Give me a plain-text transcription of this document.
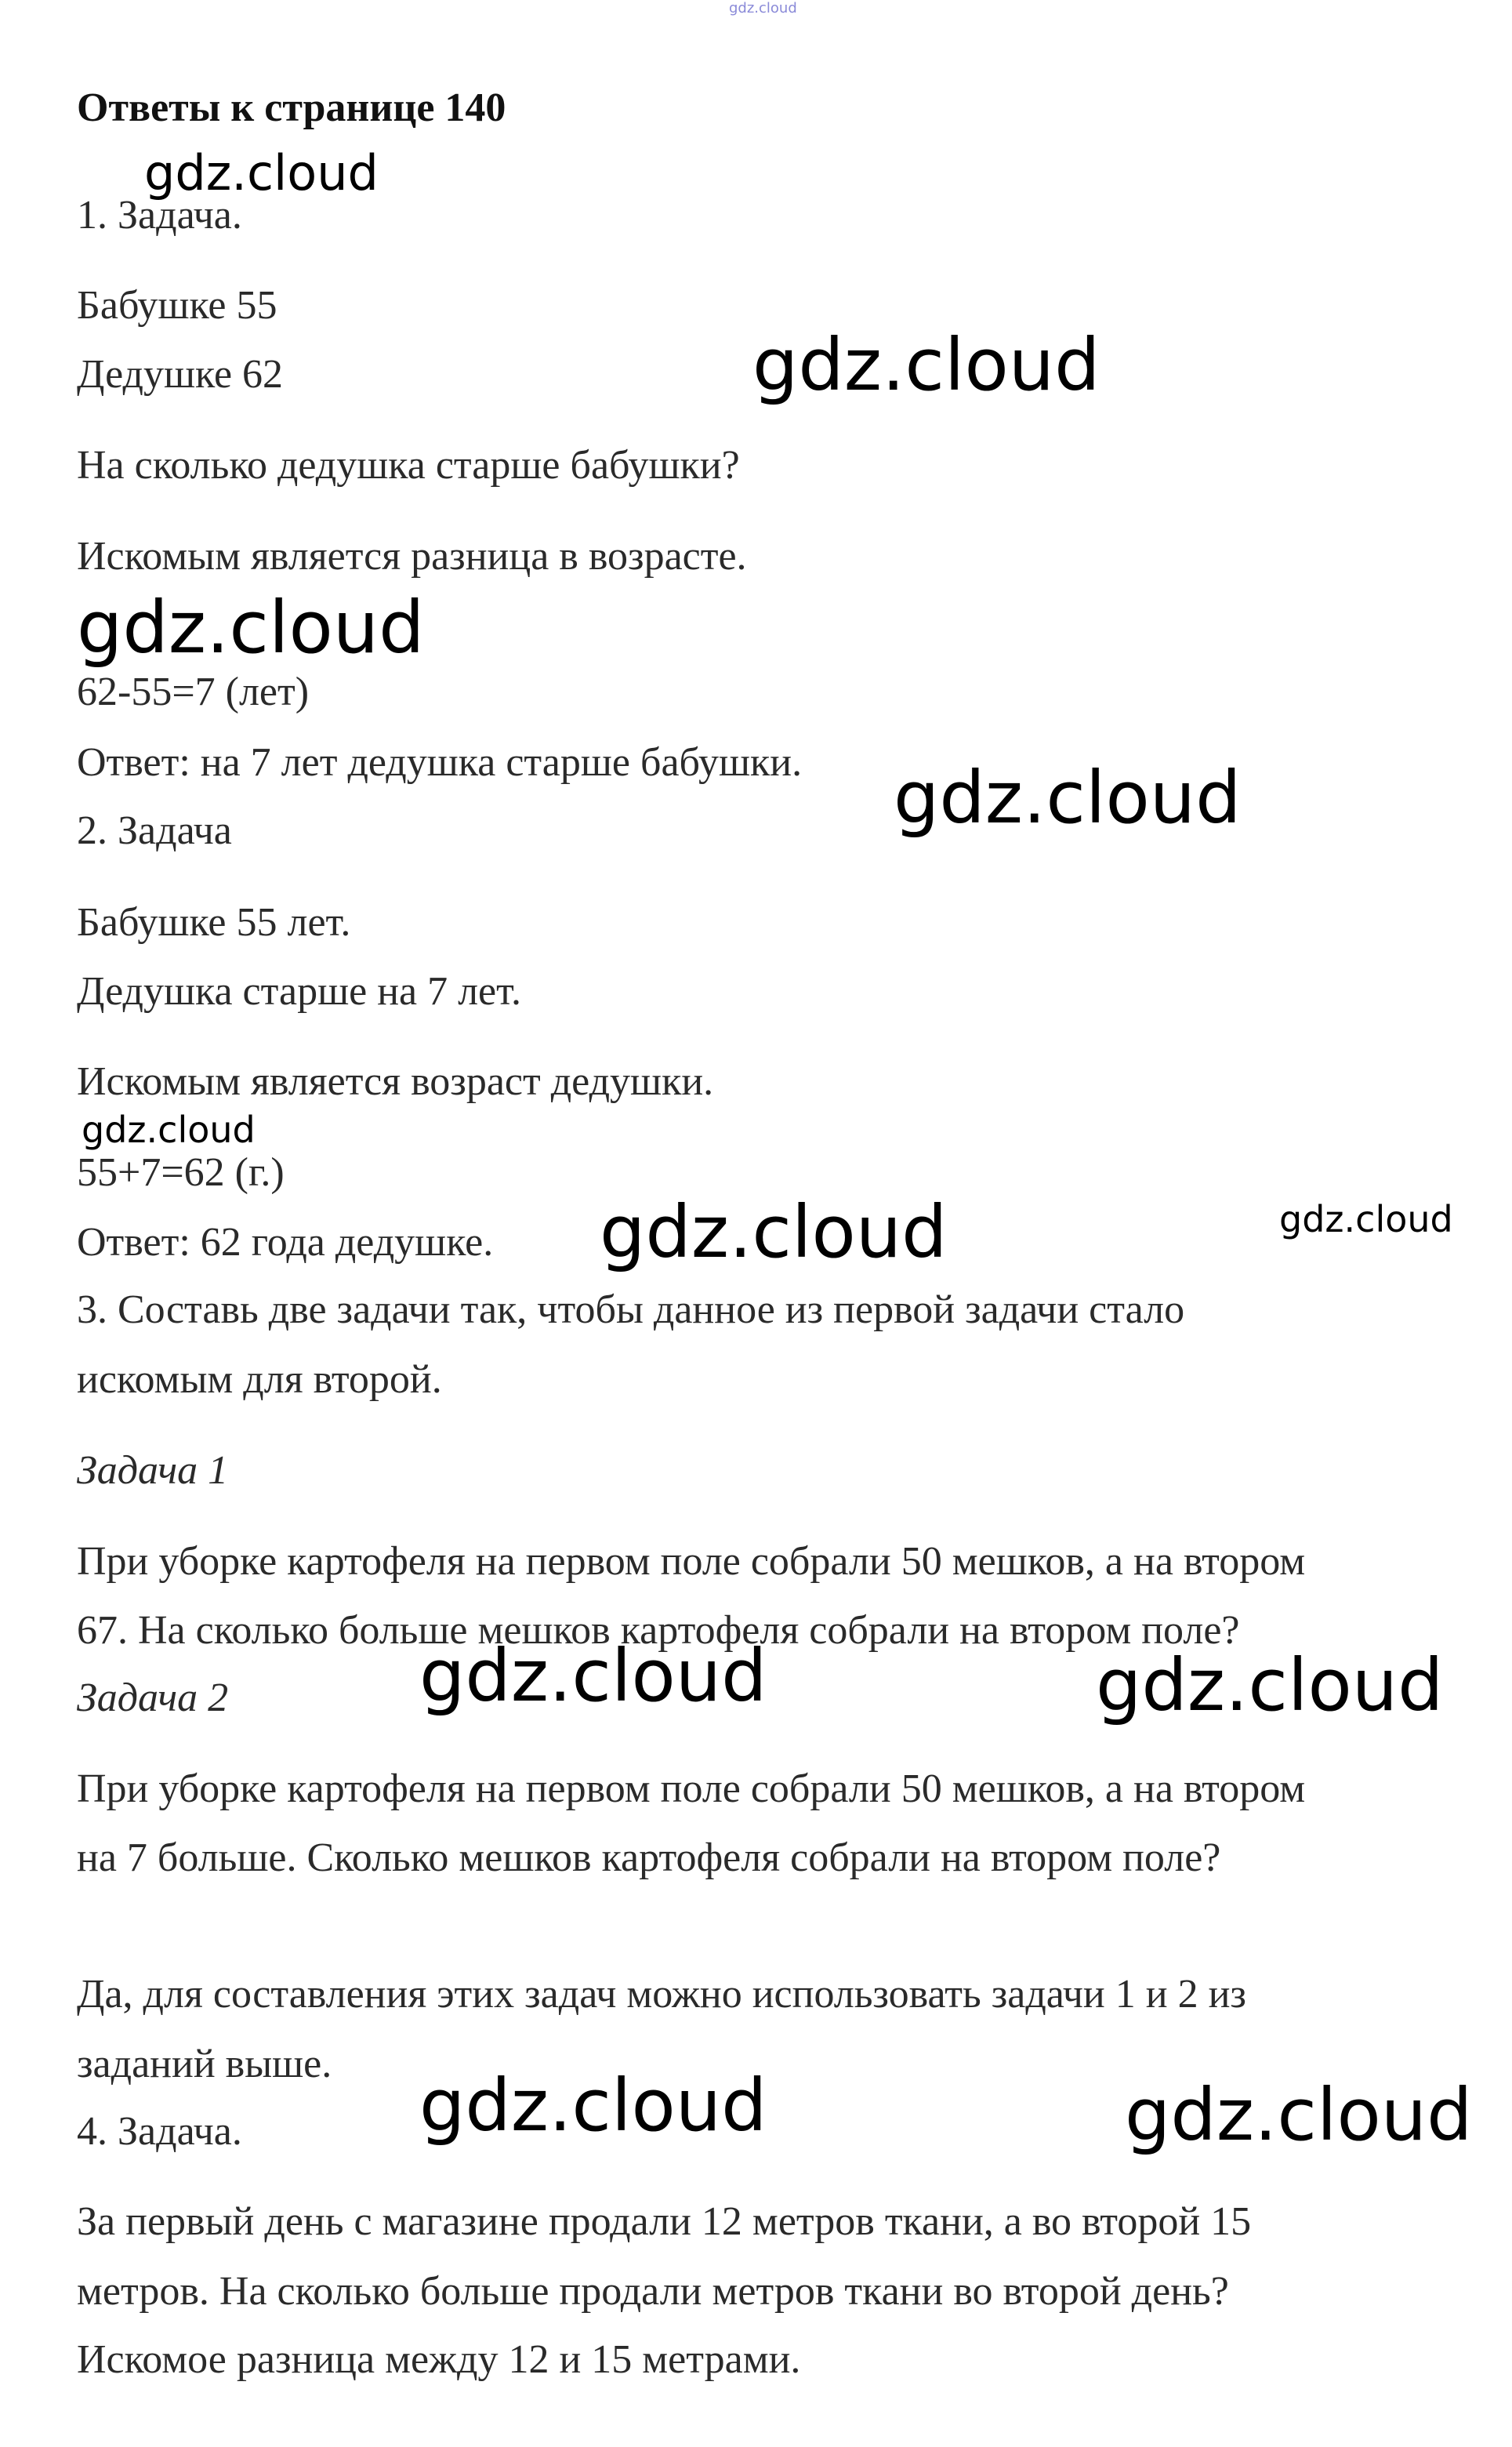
gdz.cloud

Ответы к странице 140

1. Задача.

Бабушке 55

Дедушке 62

На сколько дедушка старше бабушки?

Искомым является разница в возрасте.

62-55=7 (лет)

Ответ: на 7 лет дедушка старше бабушки.

2. Задача

Бабушке 55 лет.

Дедушка старше на 7 лет.

Искомым является возраст дедушки.

55+7=62 (г.)

Ответ: 62 года дедушке.

3. Составь две задачи так, чтобы данное из первой задачи стало

искомым для второй.

Задача 1

При уборке картофеля на первом поле собрали 50 мешков, а на втором

67. На сколько больше мешков картофеля собрали на втором поле?

Задача 2

При уборке картофеля на первом поле собрали 50 мешков, а на втором

на 7 больше. Сколько мешков картофеля собрали на втором поле?

Да, для составления этих задач можно использовать задачи 1 и 2 из

заданий выше.

4. Задача.

За первый день с магазине продали 12 метров ткани, а во второй 15

метров. На сколько больше продали метров ткани во второй день?

Искомое разница между 12 и 15 метрами.

gdz.cloud
gdz.cloud
gdz.cloud
gdz.cloud
gdz.cloud
gdz.cloud	gdz.cloud
gdz.cloud	gdz.cloud
gdz.cloud	gdz.cloud
